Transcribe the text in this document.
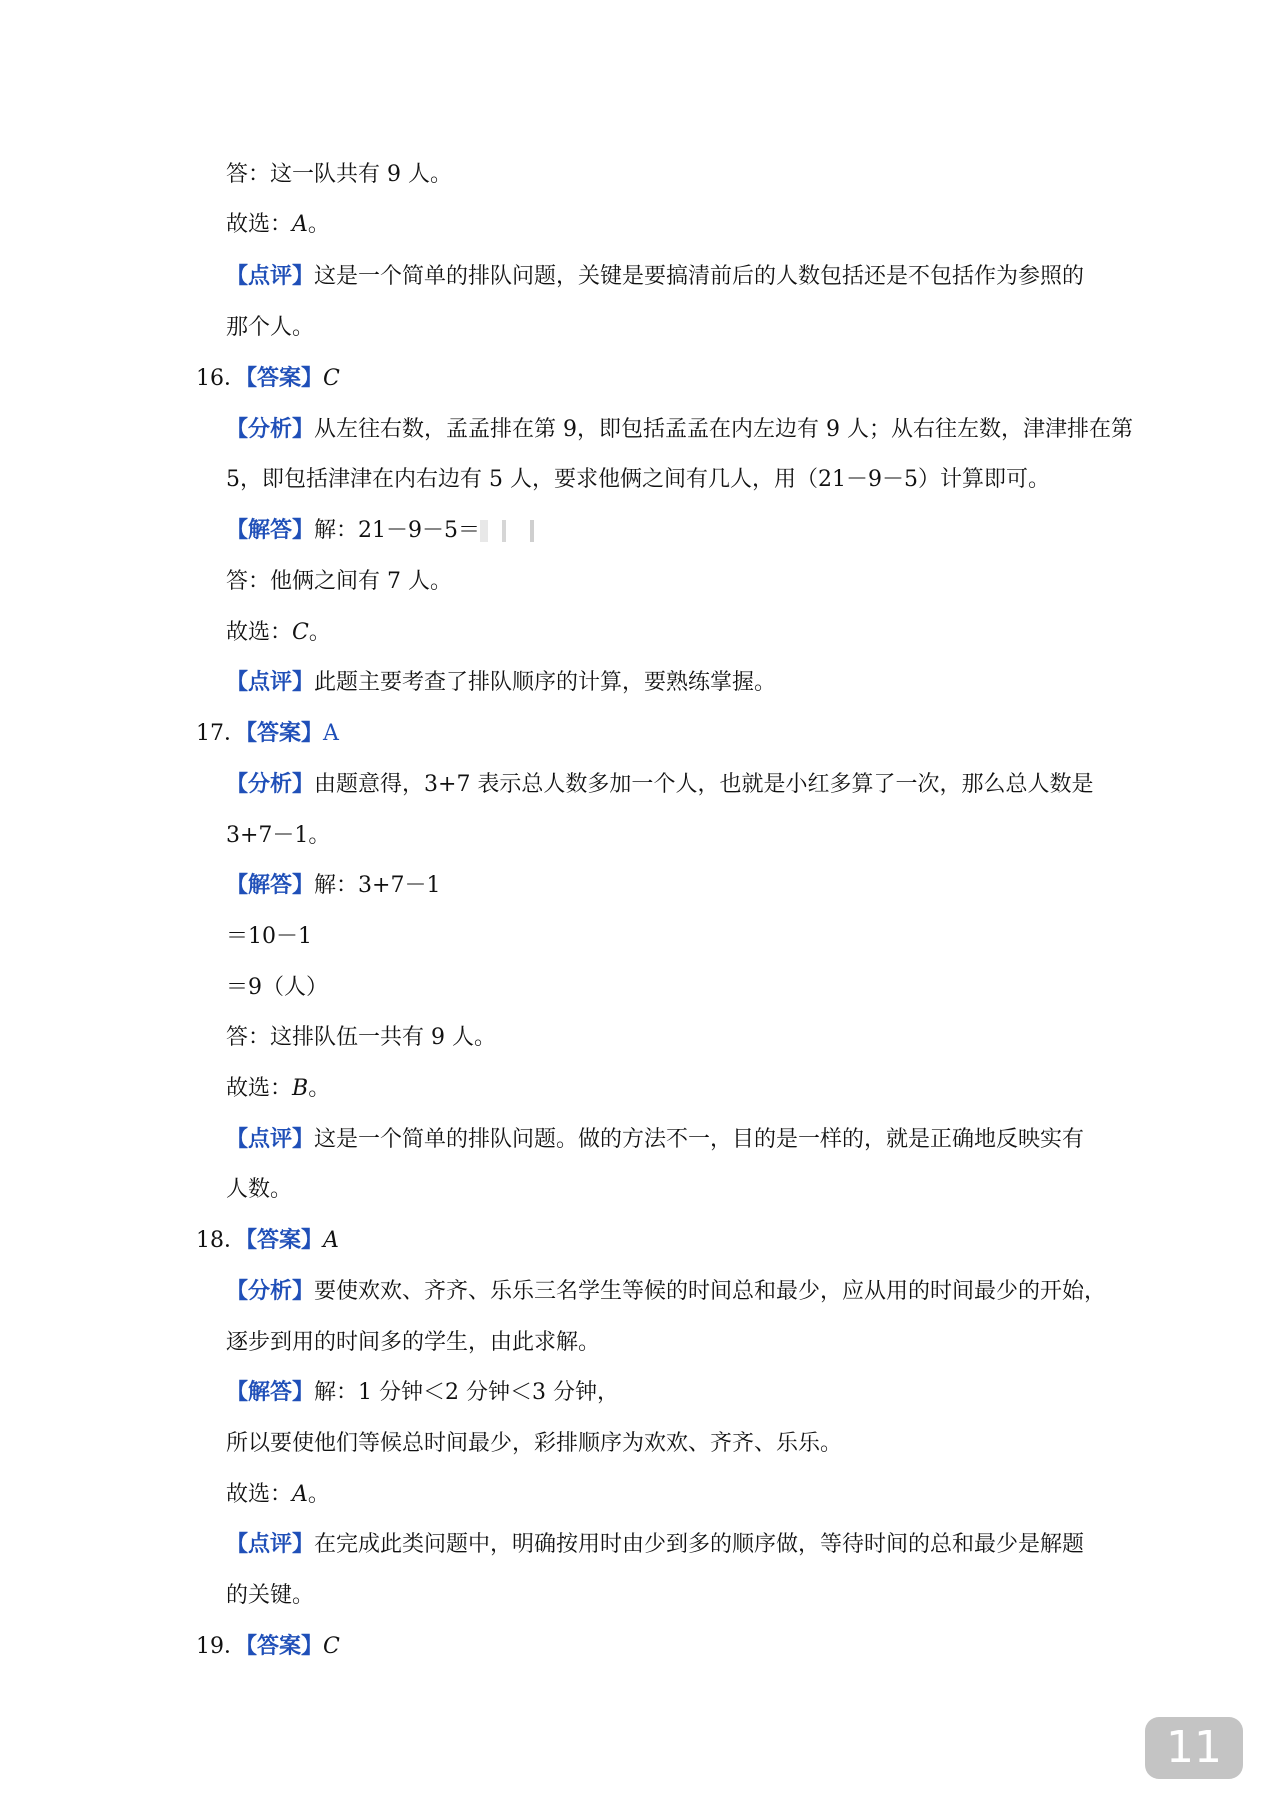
答：这一队共有 9 人。
故选：A。
【点评】这是一个简单的排队问题，关键是要搞清前后的人数包括还是不包括作为参照的
那个人。
16．【答案】C
【分析】从左往右数，孟孟排在第 9，即包括孟孟在内左边有 9 人；从右往左数，津津排在第
5，即包括津津在内右边有 5 人，要求他俩之间有几人，用（21－9－5）计算即可。
【解答】解：21－9－5＝
答：他俩之间有 7 人。
故选：C。
【点评】此题主要考查了排队顺序的计算，要熟练掌握。
17．【答案】A
【分析】由题意得，3+7 表示总人数多加一个人，也就是小红多算了一次，那么总人数是
3+7－1。
【解答】解：3+7－1
＝10－1
＝9（人）
答：这排队伍一共有 9 人。
故选：B。
【点评】这是一个简单的排队问题。做的方法不一，目的是一样的，就是正确地反映实有
人数。
18．【答案】A
【分析】要使欢欢、齐齐、乐乐三名学生等候的时间总和最少，应从用的时间最少的开始，
逐步到用的时间多的学生，由此求解。
【解答】解：1 分钟＜2 分钟＜3 分钟，
所以要使他们等候总时间最少，彩排顺序为欢欢、齐齐、乐乐。
故选：A。
【点评】在完成此类问题中，明确按用时由少到多的顺序做，等待时间的总和最少是解题
的关键。
19．【答案】C
11
